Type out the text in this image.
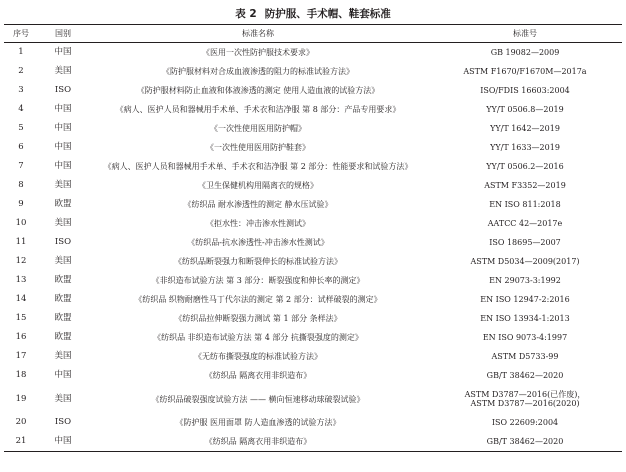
表 2 防护服、手术帽、鞋套标准
序号	国别	标准名称	标准号
1	中国	《医用一次性防护服技术要求》	GB 19082—2009

2	美国	《防护服材料对合成血液渗透的阻力的标准试验方法》	ASTM F1670/F1670M—2017a

3	ISO	《防护服材料防止血液和体液渗透的测定 使用人造血液的试验方法》	ISO/FDIS 16603:2004

4	中国	《病人、医护人员和器械用手术单、手术衣和洁净服 第 8 部分：产品专用要求》	YY/T 0506.8—2019

5	中国	《一次性使用医用防护帽》	YY/T 1642—2019

6	中国	《一次性使用医用防护鞋套》	YY/T 1633—2019

7	中国	《病人、医护人员和器械用手术单、手术衣和洁净服 第 2 部分：性能要求和试验方法》	YY/T 0506.2—2016

8	美国	《卫生保健机构用隔离衣的规格》	ASTM F3352—2019

9	欧盟	《纺织品 耐水渗透性的测定 静水压试验》	EN ISO 811:2018

10	美国	《拒水性：冲击渗水性测试》	AATCC 42—2017e

11	ISO	《纺织品-抗水渗透性-冲击渗水性测试》	ISO 18695—2007

12	美国	《纺织品断裂强力和断裂伸长的标准试验方法》	ASTM D5034—2009(2017)

13	欧盟	《非织造布试验方法 第 3 部分：断裂强度和伸长率的测定》	EN 29073-3:1992

14	欧盟	《纺织品 织物耐磨性马丁代尔法的测定 第 2 部分：试样破裂的测定》	EN ISO 12947-2:2016

15	欧盟	《纺织品拉伸断裂强力测试 第 1 部分 条样法》	EN ISO 13934-1:2013

16	欧盟	《纺织品 非织造布试验方法 第 4 部分 抗撕裂强度的测定》	EN ISO 9073-4:1997

17	美国	《无纺布撕裂强度的标准试验方法》	ASTM D5733-99

18	中国	《纺织品 隔离衣用非织造布》	GB/T 38462—2020

19	美国	《纺织品破裂强度试验方法 —— 横向恒速移动球破裂试验》	ASTM D3787—2016(已作废)，
ASTM D3787—2016(2020)

20	ISO	《防护服 医用面罩 防人造血渗透的试验方法》	ISO 22609:2004

21	中国	《纺织品 隔离衣用非织造布》	GB/T 38462—2020
